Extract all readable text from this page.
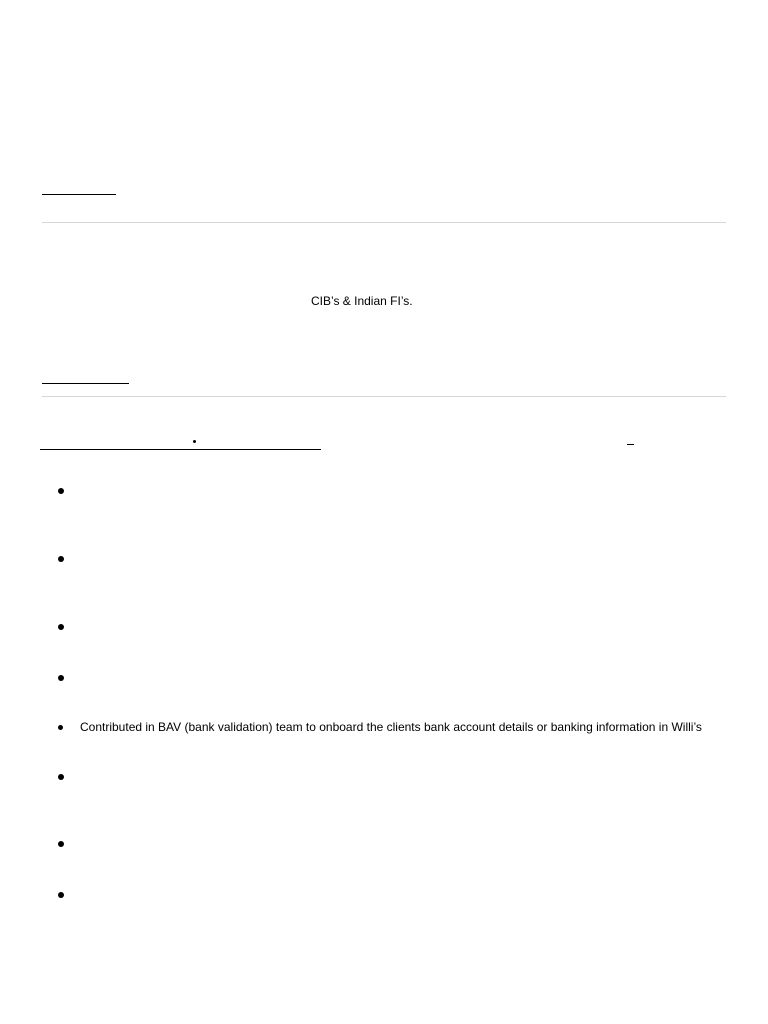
CIB’s & Indian FI’s.
Contributed in BAV (bank validation) team to onboard the clients bank account details or banking information in Willi’s
